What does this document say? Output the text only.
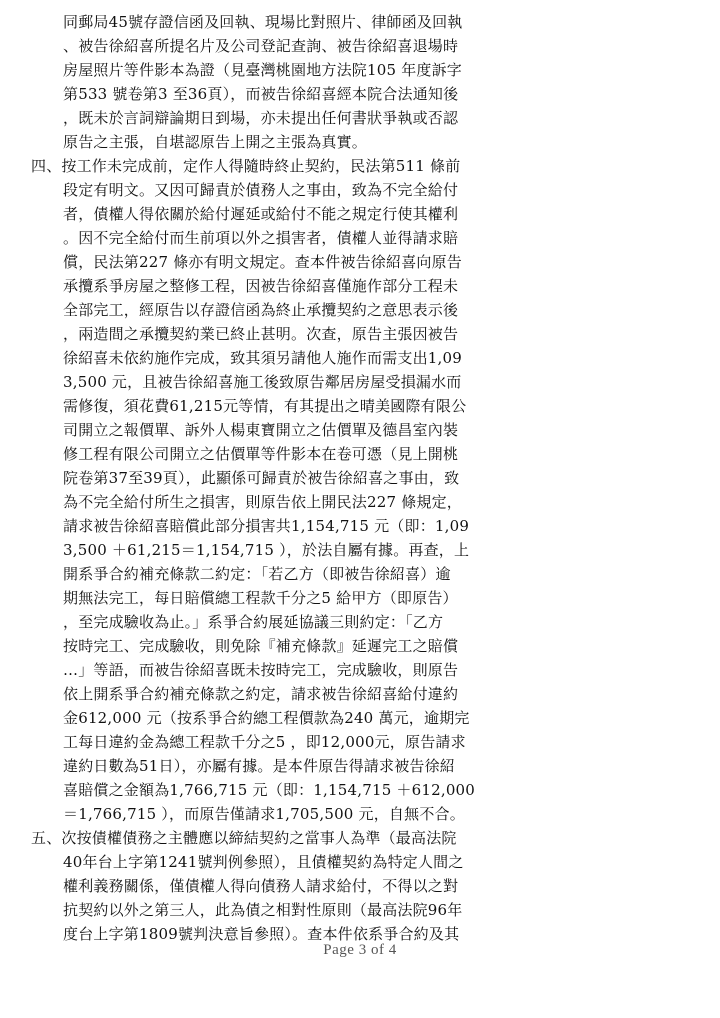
同郵局45號存證信函及回執、現場比對照片、律師函及回執
、被告徐紹喜所提名片及公司登記查詢、被告徐紹喜退場時
房屋照片等件影本為證（見臺灣桃園地方法院105 年度訴字
第533 號卷第3 至36頁），而被告徐紹喜經本院合法通知後
，既未於言詞辯論期日到場，亦未提出任何書狀爭執或否認
原告之主張，自堪認原告上開之主張為真實。
四、按工作未完成前，定作人得隨時終止契約，民法第511 條前
段定有明文。又因可歸責於債務人之事由，致為不完全給付
者，債權人得依關於給付遲延或給付不能之規定行使其權利
。因不完全給付而生前項以外之損害者，債權人並得請求賠
償，民法第227 條亦有明文規定。查本件被告徐紹喜向原告
承攬系爭房屋之整修工程，因被告徐紹喜僅施作部分工程未
全部完工，經原告以存證信函為終止承攬契約之意思表示後
，兩造間之承攬契約業已終止甚明。次查，原告主張因被告
徐紹喜未依約施作完成，致其須另請他人施作而需支出1,09
3,500 元，且被告徐紹喜施工後致原告鄰居房屋受損漏水而
需修復，須花費61,215元等情，有其提出之晴美國際有限公
司開立之報價單、訴外人楊東寶開立之估價單及德昌室內裝
修工程有限公司開立之估價單等件影本在卷可憑（見上開桃
院卷第37至39頁），此顯係可歸責於被告徐紹喜之事由，致
為不完全給付所生之損害，則原告依上開民法227 條規定，
請求被告徐紹喜賠償此部分損害共1,154,715 元（即：1,09
3,500 ＋61,215＝1,154,715 ），於法自屬有據。再查，上
開系爭合約補充條款二約定：「若乙方（即被告徐紹喜）逾
期無法完工，每日賠償總工程款千分之5 給甲方（即原告）
，至完成驗收為止。」系爭合約展延協議三則約定：「乙方
按時完工、完成驗收，則免除『補充條款』延遲完工之賠償
…」等語，而被告徐紹喜既未按時完工，完成驗收，則原告
依上開系爭合約補充條款之約定，請求被告徐紹喜給付違約
金612,000 元（按系爭合約總工程價款為240 萬元，逾期完
工每日違約金為總工程款千分之5 ，即12,000元，原告請求
違約日數為51日），亦屬有據。是本件原告得請求被告徐紹
喜賠償之金額為1,766,715 元（即：1,154,715 ＋612,000
＝1,766,715 ），而原告僅請求1,705,500 元，自無不合。
五、次按債權債務之主體應以締結契約之當事人為準（最高法院
40年台上字第1241號判例參照），且債權契約為特定人間之
權利義務關係，僅債權人得向債務人請求給付，不得以之對
抗契約以外之第三人，此為債之相對性原則（最高法院96年
度台上字第1809號判決意旨參照）。查本件依系爭合約及其
Page 3 of 4
